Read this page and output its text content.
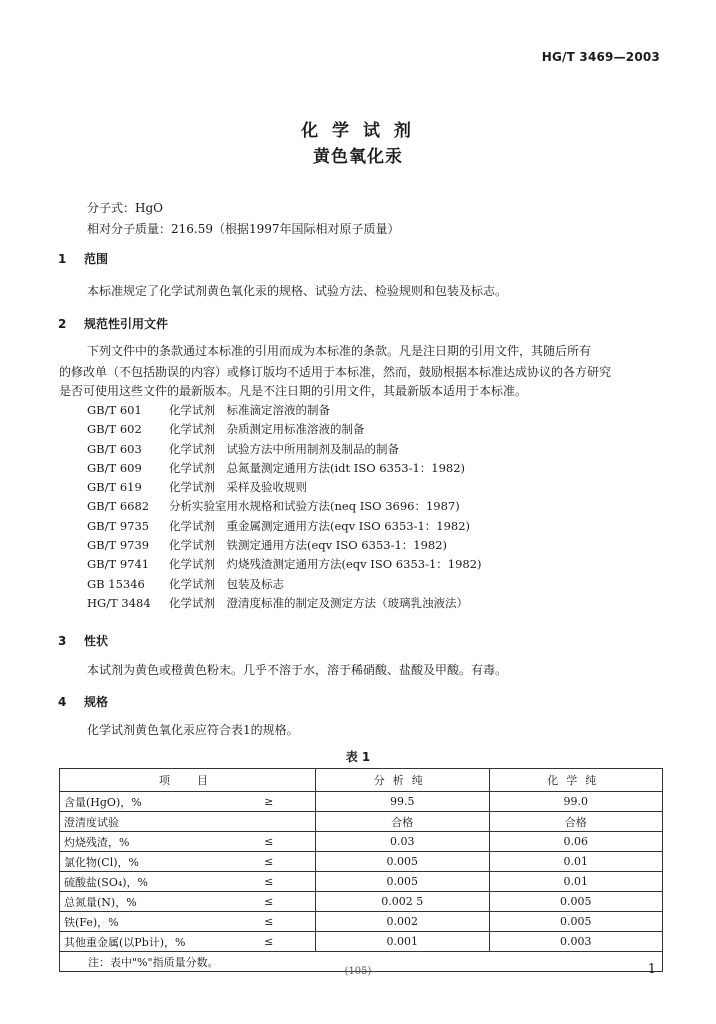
HG/T 3469—2003
化 学 试 剂
黄色氧化汞
分子式：HgO
相对分子质量：216.59（根据1997年国际相对原子质量）
1 范围
本标准规定了化学试剂黄色氧化汞的规格、试验方法、检验规则和包装及标志。
2 规范性引用文件
下列文件中的条款通过本标准的引用而成为本标准的条款。凡是注日期的引用文件，其随后所有
的修改单（不包括勘误的内容）或修订版均不适用于本标准，然而，鼓励根据本标准达成协议的各方研究
是否可使用这些文件的最新版本。凡是不注日期的引用文件，其最新版本适用于本标准。
GB/T 601 化学试剂　标准滴定溶液的制备
GB/T 602 化学试剂　杂质测定用标准溶液的制备
GB/T 603 化学试剂　试验方法中所用制剂及制品的制备
GB/T 609 化学试剂　总氮量测定通用方法(idt ISO 6353-1：1982)
GB/T 619 化学试剂　采样及验收规则
GB/T 6682 分析实验室用水规格和试验方法(neq ISO 3696：1987)
GB/T 9735 化学试剂　重金属测定通用方法(eqv ISO 6353-1：1982)
GB/T 9739 化学试剂　铁测定通用方法(eqv ISO 6353-1：1982)
GB/T 9741 化学试剂　灼烧残渣测定通用方法(eqv ISO 6353-1：1982)
GB 15346 化学试剂　包装及标志
HG/T 3484 化学试剂　澄清度标准的制定及测定方法（玻璃乳浊液法）
3 性状
本试剂为黄色或橙黄色粉末。几乎不溶于水，溶于稀硝酸、盐酸及甲酸。有毒。
4 规格
化学试剂黄色氧化汞应符合表1的规格。
表 1
项　目		分析纯	化学纯
含量(HgO)，%	≥	99.5	99.0
澄清度试验		合格	合格
灼烧残渣，%	≤	0.03	0.06
氯化物(Cl)，%	≤	0.005	0.01
硫酸盐(SO₄)，%	≤	0.005	0.01
总氮量(N)，%	≤	0.002 5	0.005
铁(Fe)，%	≤	0.002	0.005
其他重金属(以Pb计)，%	≤	0.001	0.003
注：表中"%"指质量分数。			
(105)	1
